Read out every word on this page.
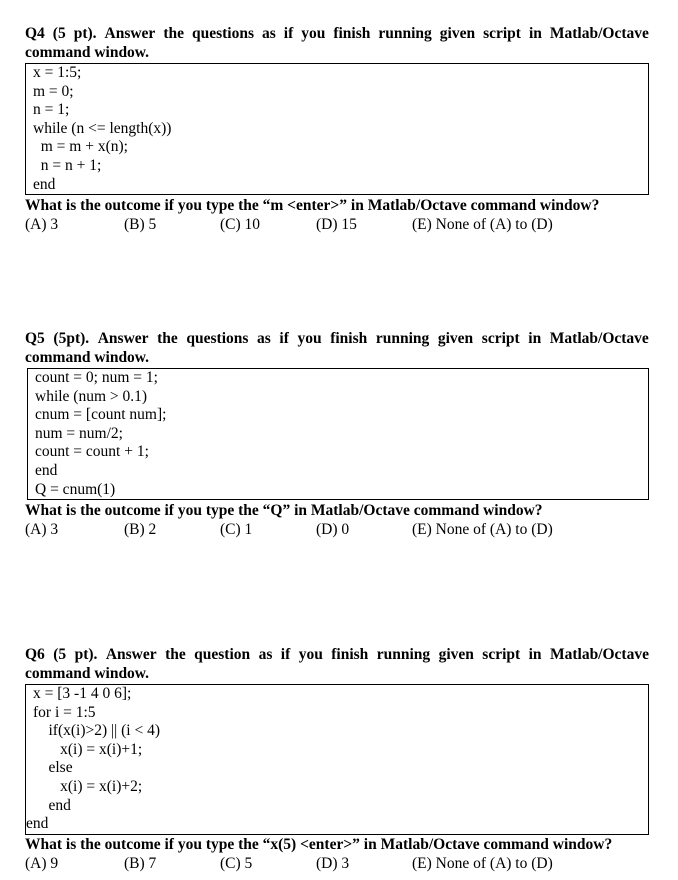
Q4 (5 pt). Answer the questions as if you finish running given script in Matlab/Octave
command window.
x = 1:5;
m = 0;
n = 1;
while (n <= length(x))
m = m + x(n);
n = n + 1;
end
What is the outcome if you type the “m <enter>” in Matlab/Octave command window?
(A) 3	(B) 5	(C) 10	(D) 15	(E) None of (A) to (D)
Q5 (5pt). Answer the questions as if you finish running given script in Matlab/Octave
command window.
count = 0; num = 1;
while (num > 0.1)
cnum = [count num];
num = num/2;
count = count + 1;
end
Q = cnum(1)
What is the outcome if you type the “Q” in Matlab/Octave command window?
(A) 3	(B) 2	(C) 1	(D) 0	(E) None of (A) to (D)
Q6 (5 pt). Answer the question as if you finish running given script in Matlab/Octave
command window.
x = [3 -1 4 0 6];
for i = 1:5
if(x(i)>2) || (i < 4)
x(i) = x(i)+1;
else
x(i) = x(i)+2;
end
end
What is the outcome if you type the “x(5) <enter>” in Matlab/Octave command window?
(A) 9	(B) 7	(C) 5	(D) 3	(E) None of (A) to (D)
